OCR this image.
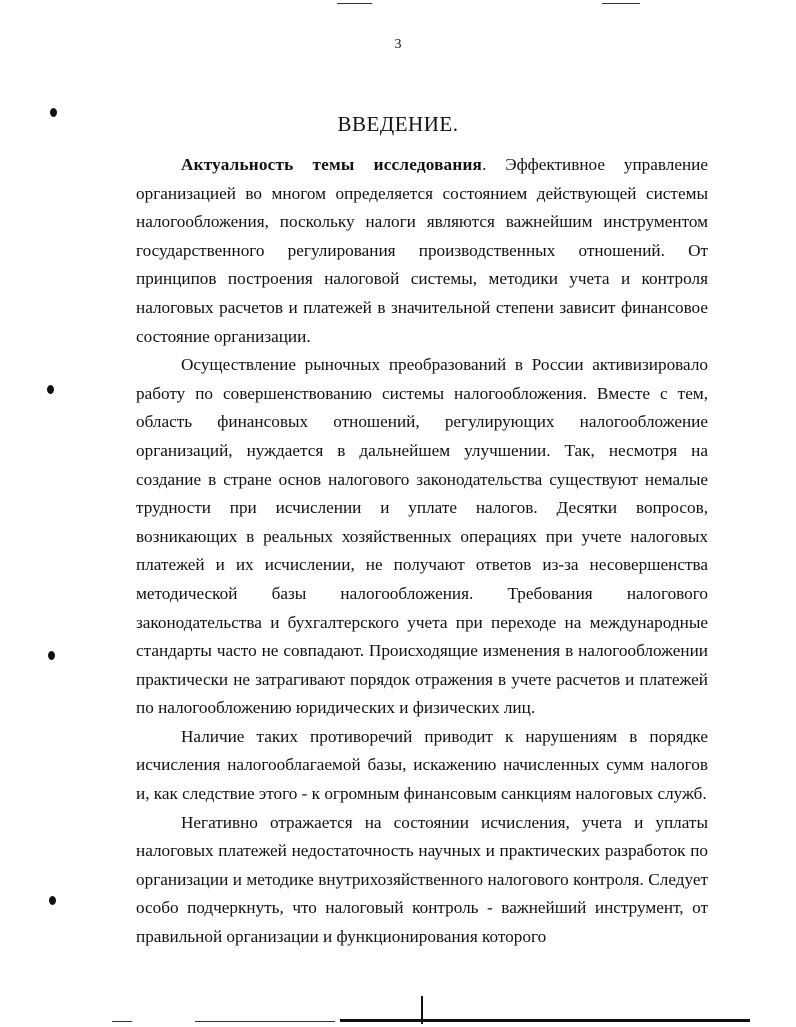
3
ВВЕДЕНИЕ.

Актуальность темы исследования. Эффективное управление организацией во многом определяется состоянием действующей системы налогообложения, поскольку налоги являются важнейшим инструментом государственного регулирования производственных отношений. От принципов построения налоговой системы, методики учета и контроля налоговых расчетов и платежей в значительной степени зависит финансовое состояние организации.

Осуществление рыночных преобразований в России активизировало работу по совершенствованию системы налогообложения. Вместе с тем, область финансовых отношений, регулирующих налогообложение организаций, нуждается в дальнейшем улучшении. Так, несмотря на создание в стране основ налогового законодательства существуют немалые трудности при исчислении и уплате налогов. Десятки вопросов, возникающих в реальных хозяйственных операциях при учете налоговых платежей и их исчислении, не получают ответов из-за несовершенства методической базы налогообложения. Требования налогового законодательства и бухгалтерского учета при переходе на международные стандарты часто не совпадают. Происходящие изменения в налогообложении практически не затрагивают порядок отражения в учете расчетов и платежей по налогообложению юридических и физических лиц.

Наличие таких противоречий приводит к нарушениям в порядке исчисления налогооблагаемой базы, искажению начисленных сумм налогов и, как следствие этого - к огромным финансовым санкциям налоговых служб.

Негативно отражается на состоянии исчисления, учета и уплаты налоговых платежей недостаточность научных и практических разработок по организации и методике внутрихозяйственного налогового контроля. Следует особо подчеркнуть, что налоговый контроль - важнейший инструмент, от правильной организации и функционирования которого
